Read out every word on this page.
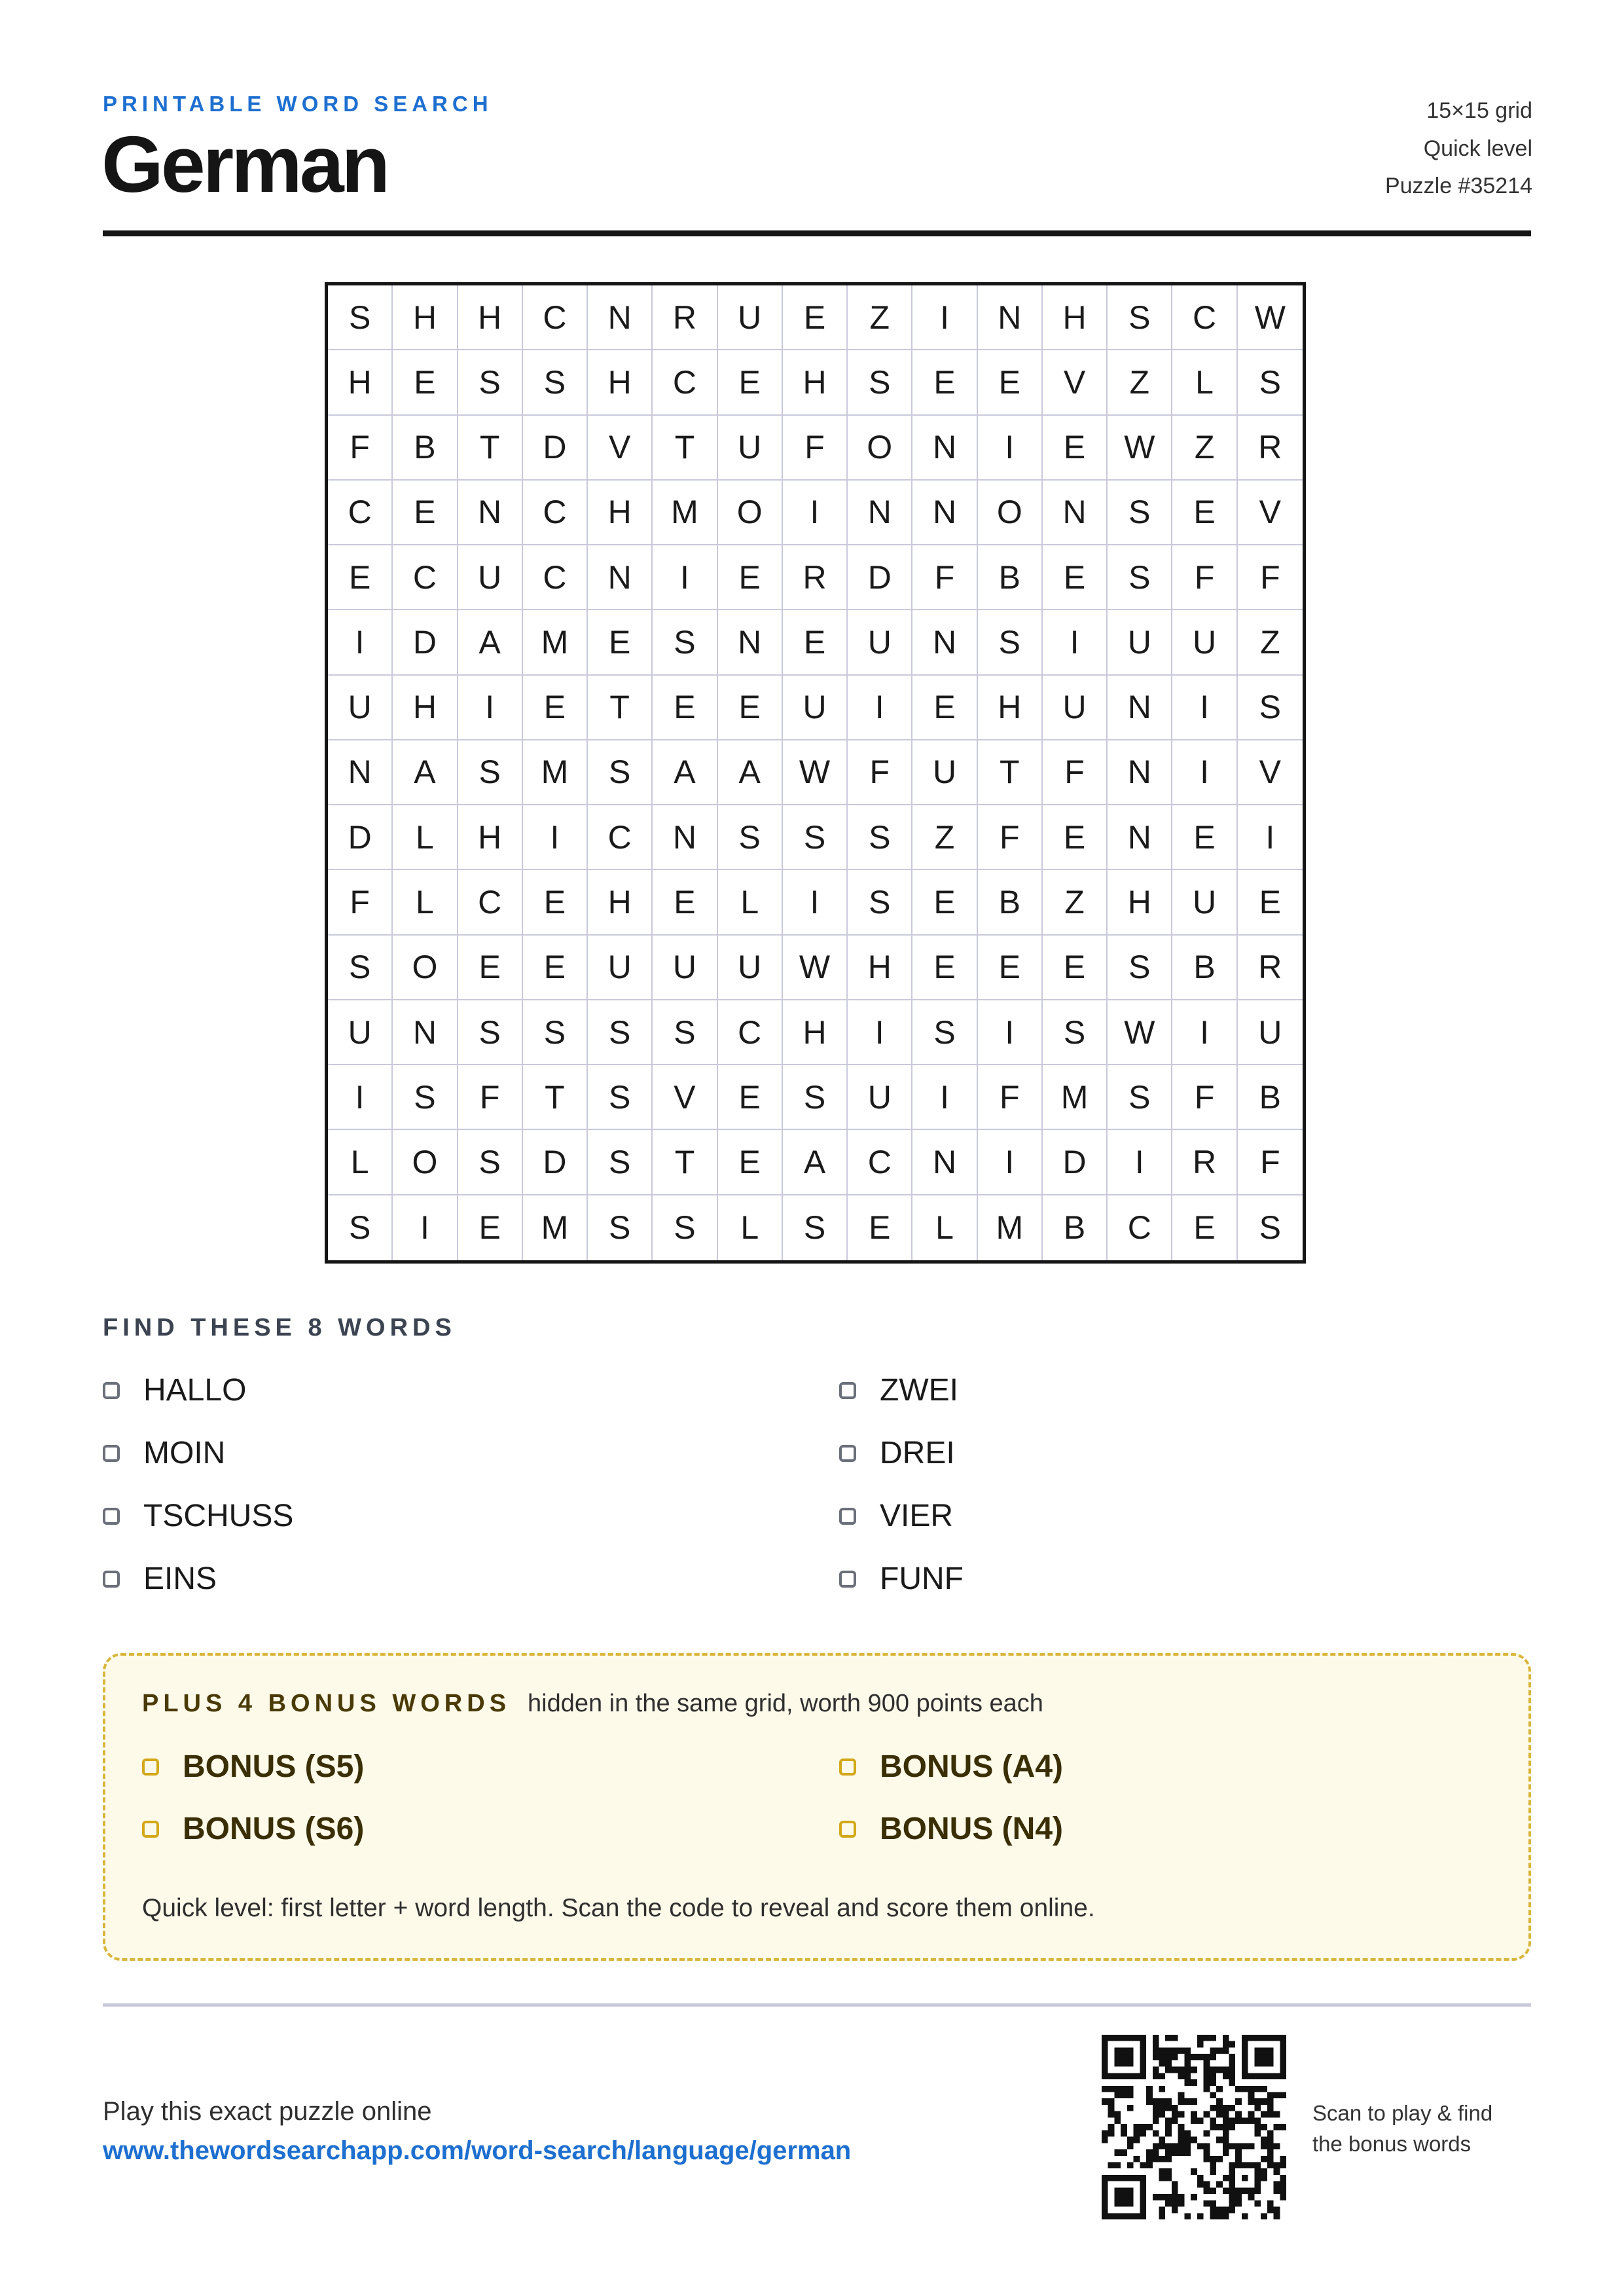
PRINTABLE WORD SEARCH
German
15×15 grid
Quick level
Puzzle #35214
S	H	H	C	N	R	U	E	Z	I	N	H	S	C	W
H	E	S	S	H	C	E	H	S	E	E	V	Z	L	S
F	B	T	D	V	T	U	F	O	N	I	E	W	Z	R
C	E	N	C	H	M	O	I	N	N	O	N	S	E	V
E	C	U	C	N	I	E	R	D	F	B	E	S	F	F
I	D	A	M	E	S	N	E	U	N	S	I	U	U	Z
U	H	I	E	T	E	E	U	I	E	H	U	N	I	S
N	A	S	M	S	A	A	W	F	U	T	F	N	I	V
D	L	H	I	C	N	S	S	S	Z	F	E	N	E	I
F	L	C	E	H	E	L	I	S	E	B	Z	H	U	E
S	O	E	E	U	U	U	W	H	E	E	E	S	B	R
U	N	S	S	S	S	C	H	I	S	I	S	W	I	U
I	S	F	T	S	V	E	S	U	I	F	M	S	F	B
L	O	S	D	S	T	E	A	C	N	I	D	I	R	F
S	I	E	M	S	S	L	S	E	L	M	B	C	E	S
FIND THESE 8 WORDS
HALLO	ZWEI
MOIN	DREI
TSCHUSS	VIER
EINS	FUNF
PLUS 4 BONUS WORDS hidden in the same grid, worth 900 points each
BONUS (S5)	BONUS (A4)
BONUS (S6)	BONUS (N4)
Quick level: first letter + word length. Scan the code to reveal and score them online.
Play this exact puzzle online
www.thewordsearchapp.com/word-search/language/german
Scan to play & find
the bonus words
